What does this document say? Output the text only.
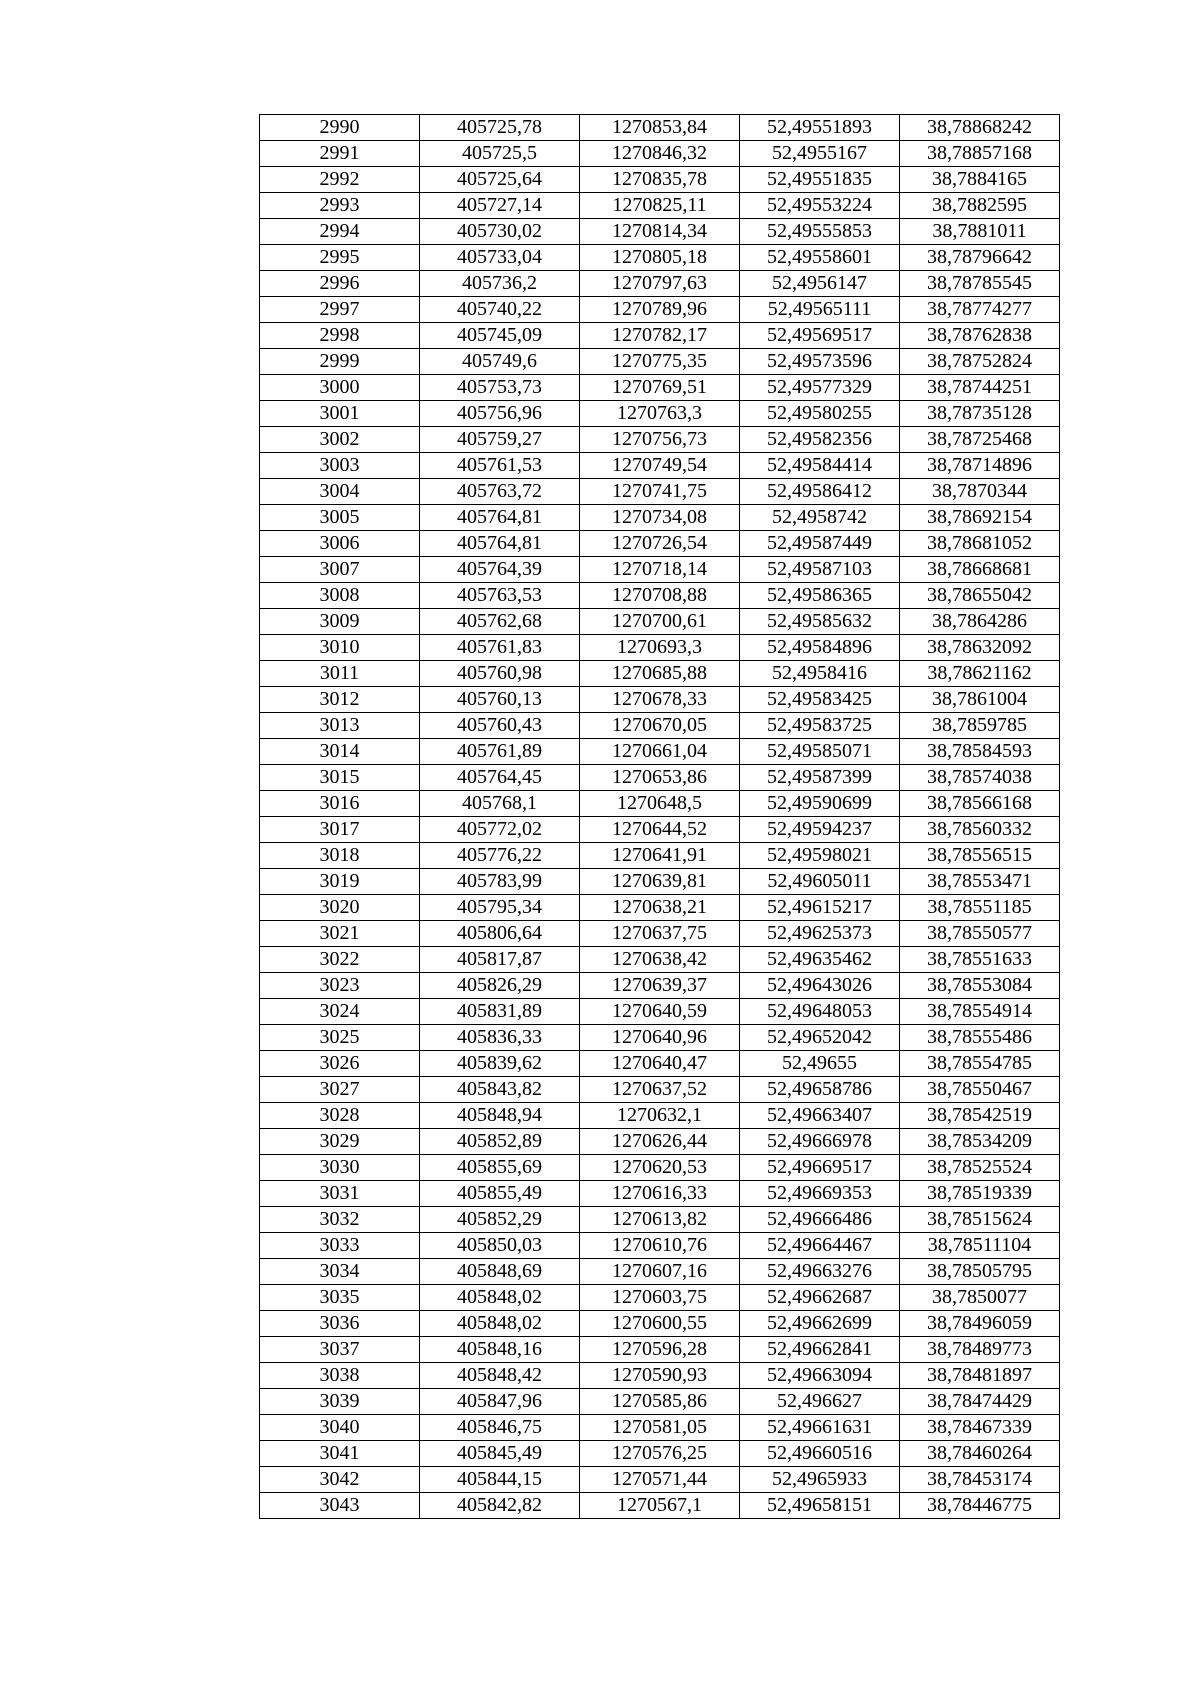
2990	405725,78	1270853,84	52,49551893	38,78868242
2991	405725,5	1270846,32	52,4955167	38,78857168
2992	405725,64	1270835,78	52,49551835	38,7884165
2993	405727,14	1270825,11	52,49553224	38,7882595
2994	405730,02	1270814,34	52,49555853	38,7881011
2995	405733,04	1270805,18	52,49558601	38,78796642
2996	405736,2	1270797,63	52,4956147	38,78785545
2997	405740,22	1270789,96	52,49565111	38,78774277
2998	405745,09	1270782,17	52,49569517	38,78762838
2999	405749,6	1270775,35	52,49573596	38,78752824
3000	405753,73	1270769,51	52,49577329	38,78744251
3001	405756,96	1270763,3	52,49580255	38,78735128
3002	405759,27	1270756,73	52,49582356	38,78725468
3003	405761,53	1270749,54	52,49584414	38,78714896
3004	405763,72	1270741,75	52,49586412	38,7870344
3005	405764,81	1270734,08	52,4958742	38,78692154
3006	405764,81	1270726,54	52,49587449	38,78681052
3007	405764,39	1270718,14	52,49587103	38,78668681
3008	405763,53	1270708,88	52,49586365	38,78655042
3009	405762,68	1270700,61	52,49585632	38,7864286
3010	405761,83	1270693,3	52,49584896	38,78632092
3011	405760,98	1270685,88	52,4958416	38,78621162
3012	405760,13	1270678,33	52,49583425	38,7861004
3013	405760,43	1270670,05	52,49583725	38,7859785
3014	405761,89	1270661,04	52,49585071	38,78584593
3015	405764,45	1270653,86	52,49587399	38,78574038
3016	405768,1	1270648,5	52,49590699	38,78566168
3017	405772,02	1270644,52	52,49594237	38,78560332
3018	405776,22	1270641,91	52,49598021	38,78556515
3019	405783,99	1270639,81	52,49605011	38,78553471
3020	405795,34	1270638,21	52,49615217	38,78551185
3021	405806,64	1270637,75	52,49625373	38,78550577
3022	405817,87	1270638,42	52,49635462	38,78551633
3023	405826,29	1270639,37	52,49643026	38,78553084
3024	405831,89	1270640,59	52,49648053	38,78554914
3025	405836,33	1270640,96	52,49652042	38,78555486
3026	405839,62	1270640,47	52,49655	38,78554785
3027	405843,82	1270637,52	52,49658786	38,78550467
3028	405848,94	1270632,1	52,49663407	38,78542519
3029	405852,89	1270626,44	52,49666978	38,78534209
3030	405855,69	1270620,53	52,49669517	38,78525524
3031	405855,49	1270616,33	52,49669353	38,78519339
3032	405852,29	1270613,82	52,49666486	38,78515624
3033	405850,03	1270610,76	52,49664467	38,78511104
3034	405848,69	1270607,16	52,49663276	38,78505795
3035	405848,02	1270603,75	52,49662687	38,7850077
3036	405848,02	1270600,55	52,49662699	38,78496059
3037	405848,16	1270596,28	52,49662841	38,78489773
3038	405848,42	1270590,93	52,49663094	38,78481897
3039	405847,96	1270585,86	52,496627	38,78474429
3040	405846,75	1270581,05	52,49661631	38,78467339
3041	405845,49	1270576,25	52,49660516	38,78460264
3042	405844,15	1270571,44	52,4965933	38,78453174
3043	405842,82	1270567,1	52,49658151	38,78446775
